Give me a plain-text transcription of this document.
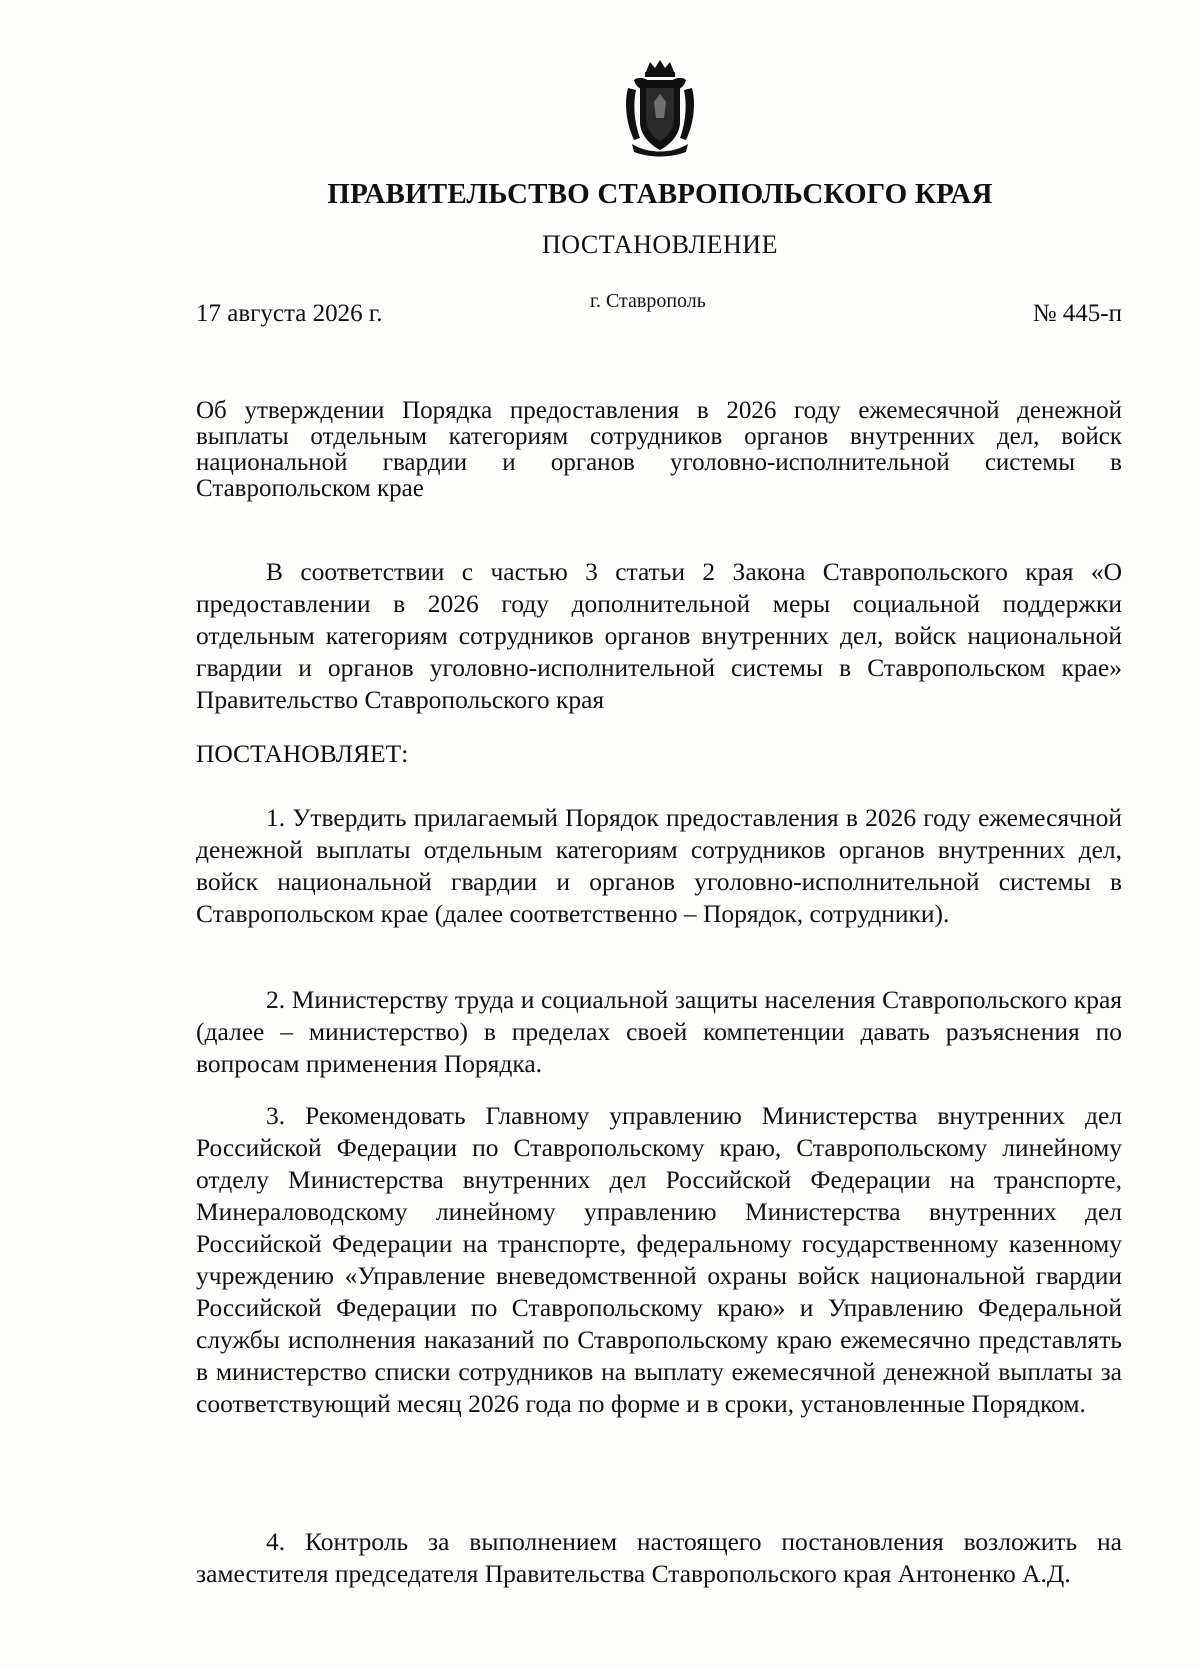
ПРАВИТЕЛЬСТВО СТАВРОПОЛЬСКОГО КРАЯ
ПОСТАНОВЛЕНИЕ
17 августа 2026 г.	г. Ставрополь	№ 445-п

Об утверждении Порядка предоставления в 2026 году ежемесячной денежной выплаты отдельным категориям сотрудников органов внутренних дел, войск национальной гвардии и органов уголовно-исполнительной системы в Ставропольском крае

В соответствии с частью 3 статьи 2 Закона Ставропольского края «О предоставлении в 2026 году дополнительной меры социальной поддержки отдельным категориям сотрудников органов внутренних дел, войск национальной гвардии и органов уголовно-исполнительной системы в Ставропольском крае» Правительство Ставропольского края

ПОСТАНОВЛЯЕТ:

1. Утвердить прилагаемый Порядок предоставления в 2026 году ежемесячной денежной выплаты отдельным категориям сотрудников органов внутренних дел, войск национальной гвардии и органов уголовно-исполнительной системы в Ставропольском крае (далее соответственно – Порядок, сотрудники).

2. Министерству труда и социальной защиты населения Ставропольского края (далее – министерство) в пределах своей компетенции давать разъяснения по вопросам применения Порядка.

3. Рекомендовать Главному управлению Министерства внутренних дел Российской Федерации по Ставропольскому краю, Ставропольскому линейному отделу Министерства внутренних дел Российской Федерации на транспорте, Минераловодскому линейному управлению Министерства внутренних дел Российской Федерации на транспорте, федеральному государственному казенному учреждению «Управление вневедомственной охраны войск национальной гвардии Российской Федерации по Ставропольскому краю» и Управлению Федеральной службы исполнения наказаний по Ставропольскому краю ежемесячно представлять в министерство списки сотрудников на выплату ежемесячной денежной выплаты за соответствующий месяц 2026 года по форме и в сроки, установленные Порядком.

4. Контроль за выполнением настоящего постановления возложить на заместителя председателя Правительства Ставропольского края Антоненко А.Д.
